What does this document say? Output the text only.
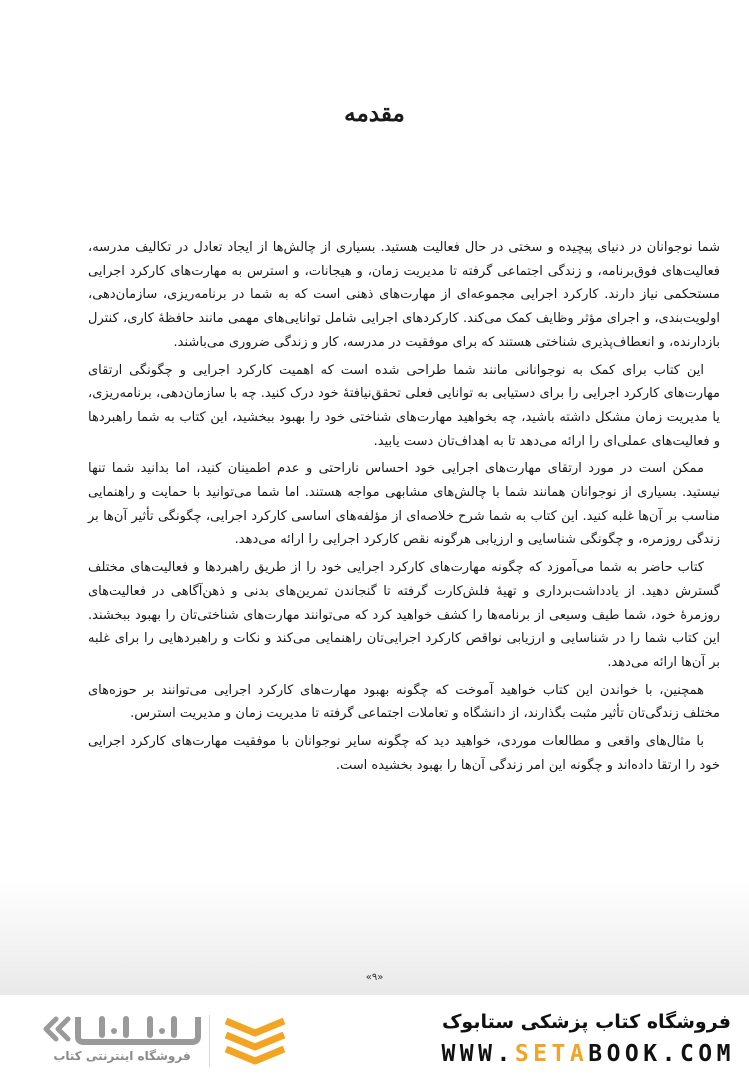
مقدمه

شما نوجوانان در دنیای پیچیده و سختی در حال فعالیت هستید. بسیاری از چالش‌ها از ایجاد تعادل در تکالیف مدرسه، فعالیت‌های فوق‌برنامه، و زندگی اجتماعی گرفته تا مدیریت زمان، و هیجانات، و استرس به مهارت‌های کارکرد اجرایی مستحکمی نیاز دارند. کارکرد اجرایی مجموعه‌ای از مهارت‌های ذهنی است که به شما در برنامه‌ریزی، سازمان‌دهی، اولویت‌بندی، و اجرای مؤثر وظایف کمک می‌کند. کارکردهای اجرایی شامل توانایی‌های مهمی مانند حافظهٔ کاری، کنترل بازدارنده، و انعطاف‌پذیری شناختی هستند که برای موفقیت در مدرسه، کار و زندگی ضروری می‌باشند.

این کتاب برای کمک به نوجوانانی مانند شما طراحی شده است که اهمیت کارکرد اجرایی و چگونگی ارتقای مهارت‌های کارکرد اجرایی را برای دستیابی به توانایی فعلی تحقق‌نیافتهٔ خود درک کنید. چه با سازمان‌دهی، برنامه‌ریزی، یا مدیریت زمان مشکل داشته باشید، چه بخواهید مهارت‌های شناختی خود را بهبود ببخشید، این کتاب به شما راهبردها و فعالیت‌های عملی‌ای را ارائه می‌دهد تا به اهداف‌تان دست یابید.

ممکن است در مورد ارتقای مهارت‌های اجرایی خود احساس ناراحتی و عدم اطمینان کنید، اما بدانید شما تنها نیستید. بسیاری از نوجوانان همانند شما با چالش‌های مشابهی مواجه هستند. اما شما می‌توانید با حمایت و راهنمایی مناسب بر آن‌ها غلبه کنید. این کتاب به شما شرح خلاصه‌ای از مؤلفه‌های اساسی کارکرد اجرایی، چگونگی تأثیر آن‌ها بر زندگی روزمره، و چگونگی شناسایی و ارزیابی هرگونه نقص کارکرد اجرایی را ارائه می‌دهد.

کتاب حاضر به شما می‌آموزد که چگونه مهارت‌های کارکرد اجرایی خود را از طریق راهبردها و فعالیت‌های مختلف گسترش دهید. از یادداشت‌برداری و تهیهٔ فلش‌کارت گرفته تا گنجاندن تمرین‌های بدنی و ذهن‌آگاهی در فعالیت‌های روزمرهٔ خود، شما طیف وسیعی از برنامه‌ها را کشف خواهید کرد که می‌توانند مهارت‌های شناختی‌تان را بهبود ببخشند. این کتاب شما را در شناسایی و ارزیابی نواقص کارکرد اجرایی‌تان راهنمایی می‌کند و نکات و راهبردهایی را برای غلبه بر آن‌ها ارائه می‌دهد.

همچنین، با خواندن این کتاب خواهید آموخت که چگونه بهبود مهارت‌های کارکرد اجرایی می‌توانند بر حوزه‌های مختلف زندگی‌تان تأثیر مثبت بگذارند، از دانشگاه و تعاملات اجتماعی گرفته تا مدیریت زمان و مدیریت استرس.

با مثال‌های واقعی و مطالعات موردی، خواهید دید که چگونه سایر نوجوانان با موفقیت مهارت‌های کارکرد اجرایی خود را ارتقا داده‌اند و چگونه این امر زندگی آن‌ها را بهبود بخشیده است.

«۹»
فروشگاه اینترنتی کتاب
فروشگاه کتاب پزشکی ستابوک
WWW.SETABOOK.COM
